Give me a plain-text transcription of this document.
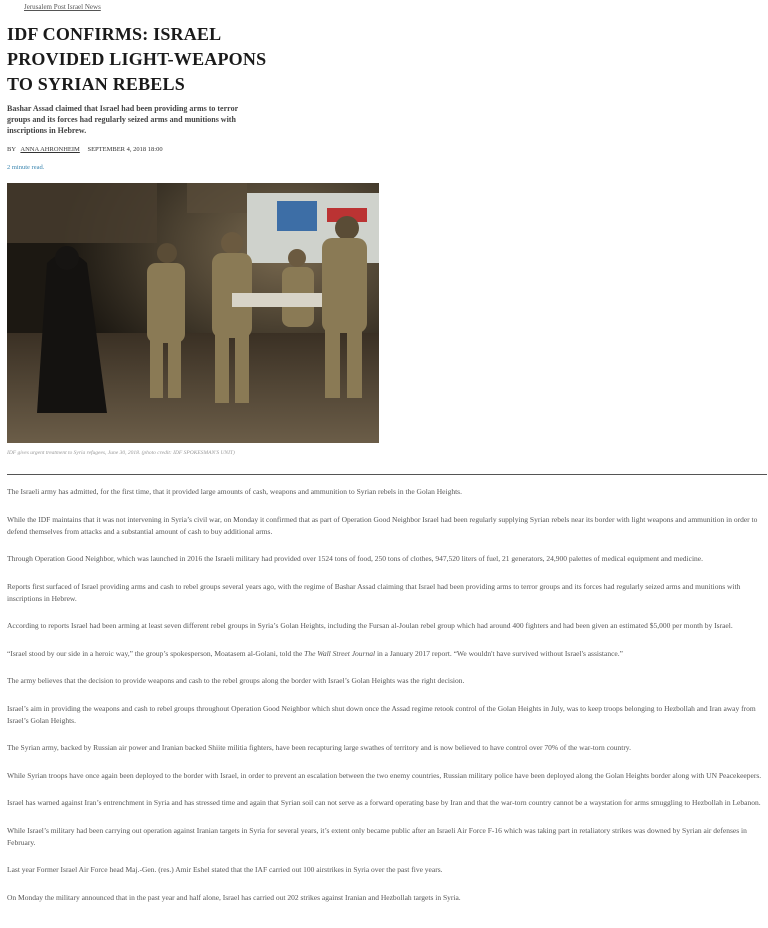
Jerusalem Post Israel News
IDF CONFIRMS: ISRAEL PROVIDED LIGHT-WEAPONS TO SYRIAN REBELS

Bashar Assad claimed that Israel had been providing arms to terror groups and its forces had regularly seized arms and munitions with inscriptions in Hebrew.

BY ANNA AHRONHEIM SEPTEMBER 4, 2018 18:00
2 minute read.
IDF gives urgent treatment to Syria refugees, June 30, 2018. (photo credit: IDF SPOKESMAN'S UNIT)

The Israeli army has admitted, for the first time, that it provided large amounts of cash, weapons and ammunition to Syrian rebels in the Golan Heights.

While the IDF maintains that it was not intervening in Syria’s civil war, on Monday it confirmed that as part of Operation Good Neighbor Israel had been regularly supplying Syrian rebels near its border with light weapons and ammunition in order to defend themselves from attacks and a substantial amount of cash to buy additional arms.

Through Operation Good Neighbor, which was launched in 2016 the Israeli military had provided over 1524 tons of food, 250 tons of clothes, 947,520 liters of fuel, 21 generators, 24,900 palettes of medical equipment and medicine.

Reports first surfaced of Israel providing arms and cash to rebel groups several years ago, with the regime of Bashar Assad claiming that Israel had been providing arms to terror groups and its forces had regularly seized arms and munitions with inscriptions in Hebrew.

According to reports Israel had been arming at least seven different rebel groups in Syria’s Golan Heights, including the Fursan al-Joulan rebel group which had around 400 fighters and had been given an estimated $5,000 per month by Israel.

“Israel stood by our side in a heroic way,” the group’s spokesperson, Moatasem al-Golani, told the The Wall Street Journal in a January 2017 report. “We wouldn't have survived without Israel's assistance.”

The army believes that the decision to provide weapons and cash to the rebel groups along the border with Israel’s Golan Heights was the right decision.

Israel’s aim in providing the weapons and cash to rebel groups throughout Operation Good Neighbor which shut down once the Assad regime retook control of the Golan Heights in July, was to keep troops belonging to Hezbollah and Iran away from Israel’s Golan Heights.

The Syrian army, backed by Russian air power and Iranian backed Shiite militia fighters, have been recapturing large swathes of territory and is now believed to have control over 70% of the war-torn country.

While Syrian troops have once again been deployed to the border with Israel, in order to prevent an escalation between the two enemy countries, Russian military police have been deployed along the Golan Heights border along with UN Peacekeepers.

Israel has warned against Iran’s entrenchment in Syria and has stressed time and again that Syrian soil can not serve as a forward operating base by Iran and that the war-torn country cannot be a waystation for arms smuggling to Hezbollah in Lebanon.

While Israel’s military had been carrying out operation against Iranian targets in Syria for several years, it’s extent only became public after an Israeli Air Force F-16 which was taking part in retaliatory strikes was downed by Syrian air defenses in February.

Last year Former Israel Air Force head Maj.-Gen. (res.) Amir Eshel stated that the IAF carried out 100 airstrikes in Syria over the past five years.

On Monday the military announced that in the past year and half alone, Israel has carried out 202 strikes against Iranian and Hezbollah targets in Syria.
